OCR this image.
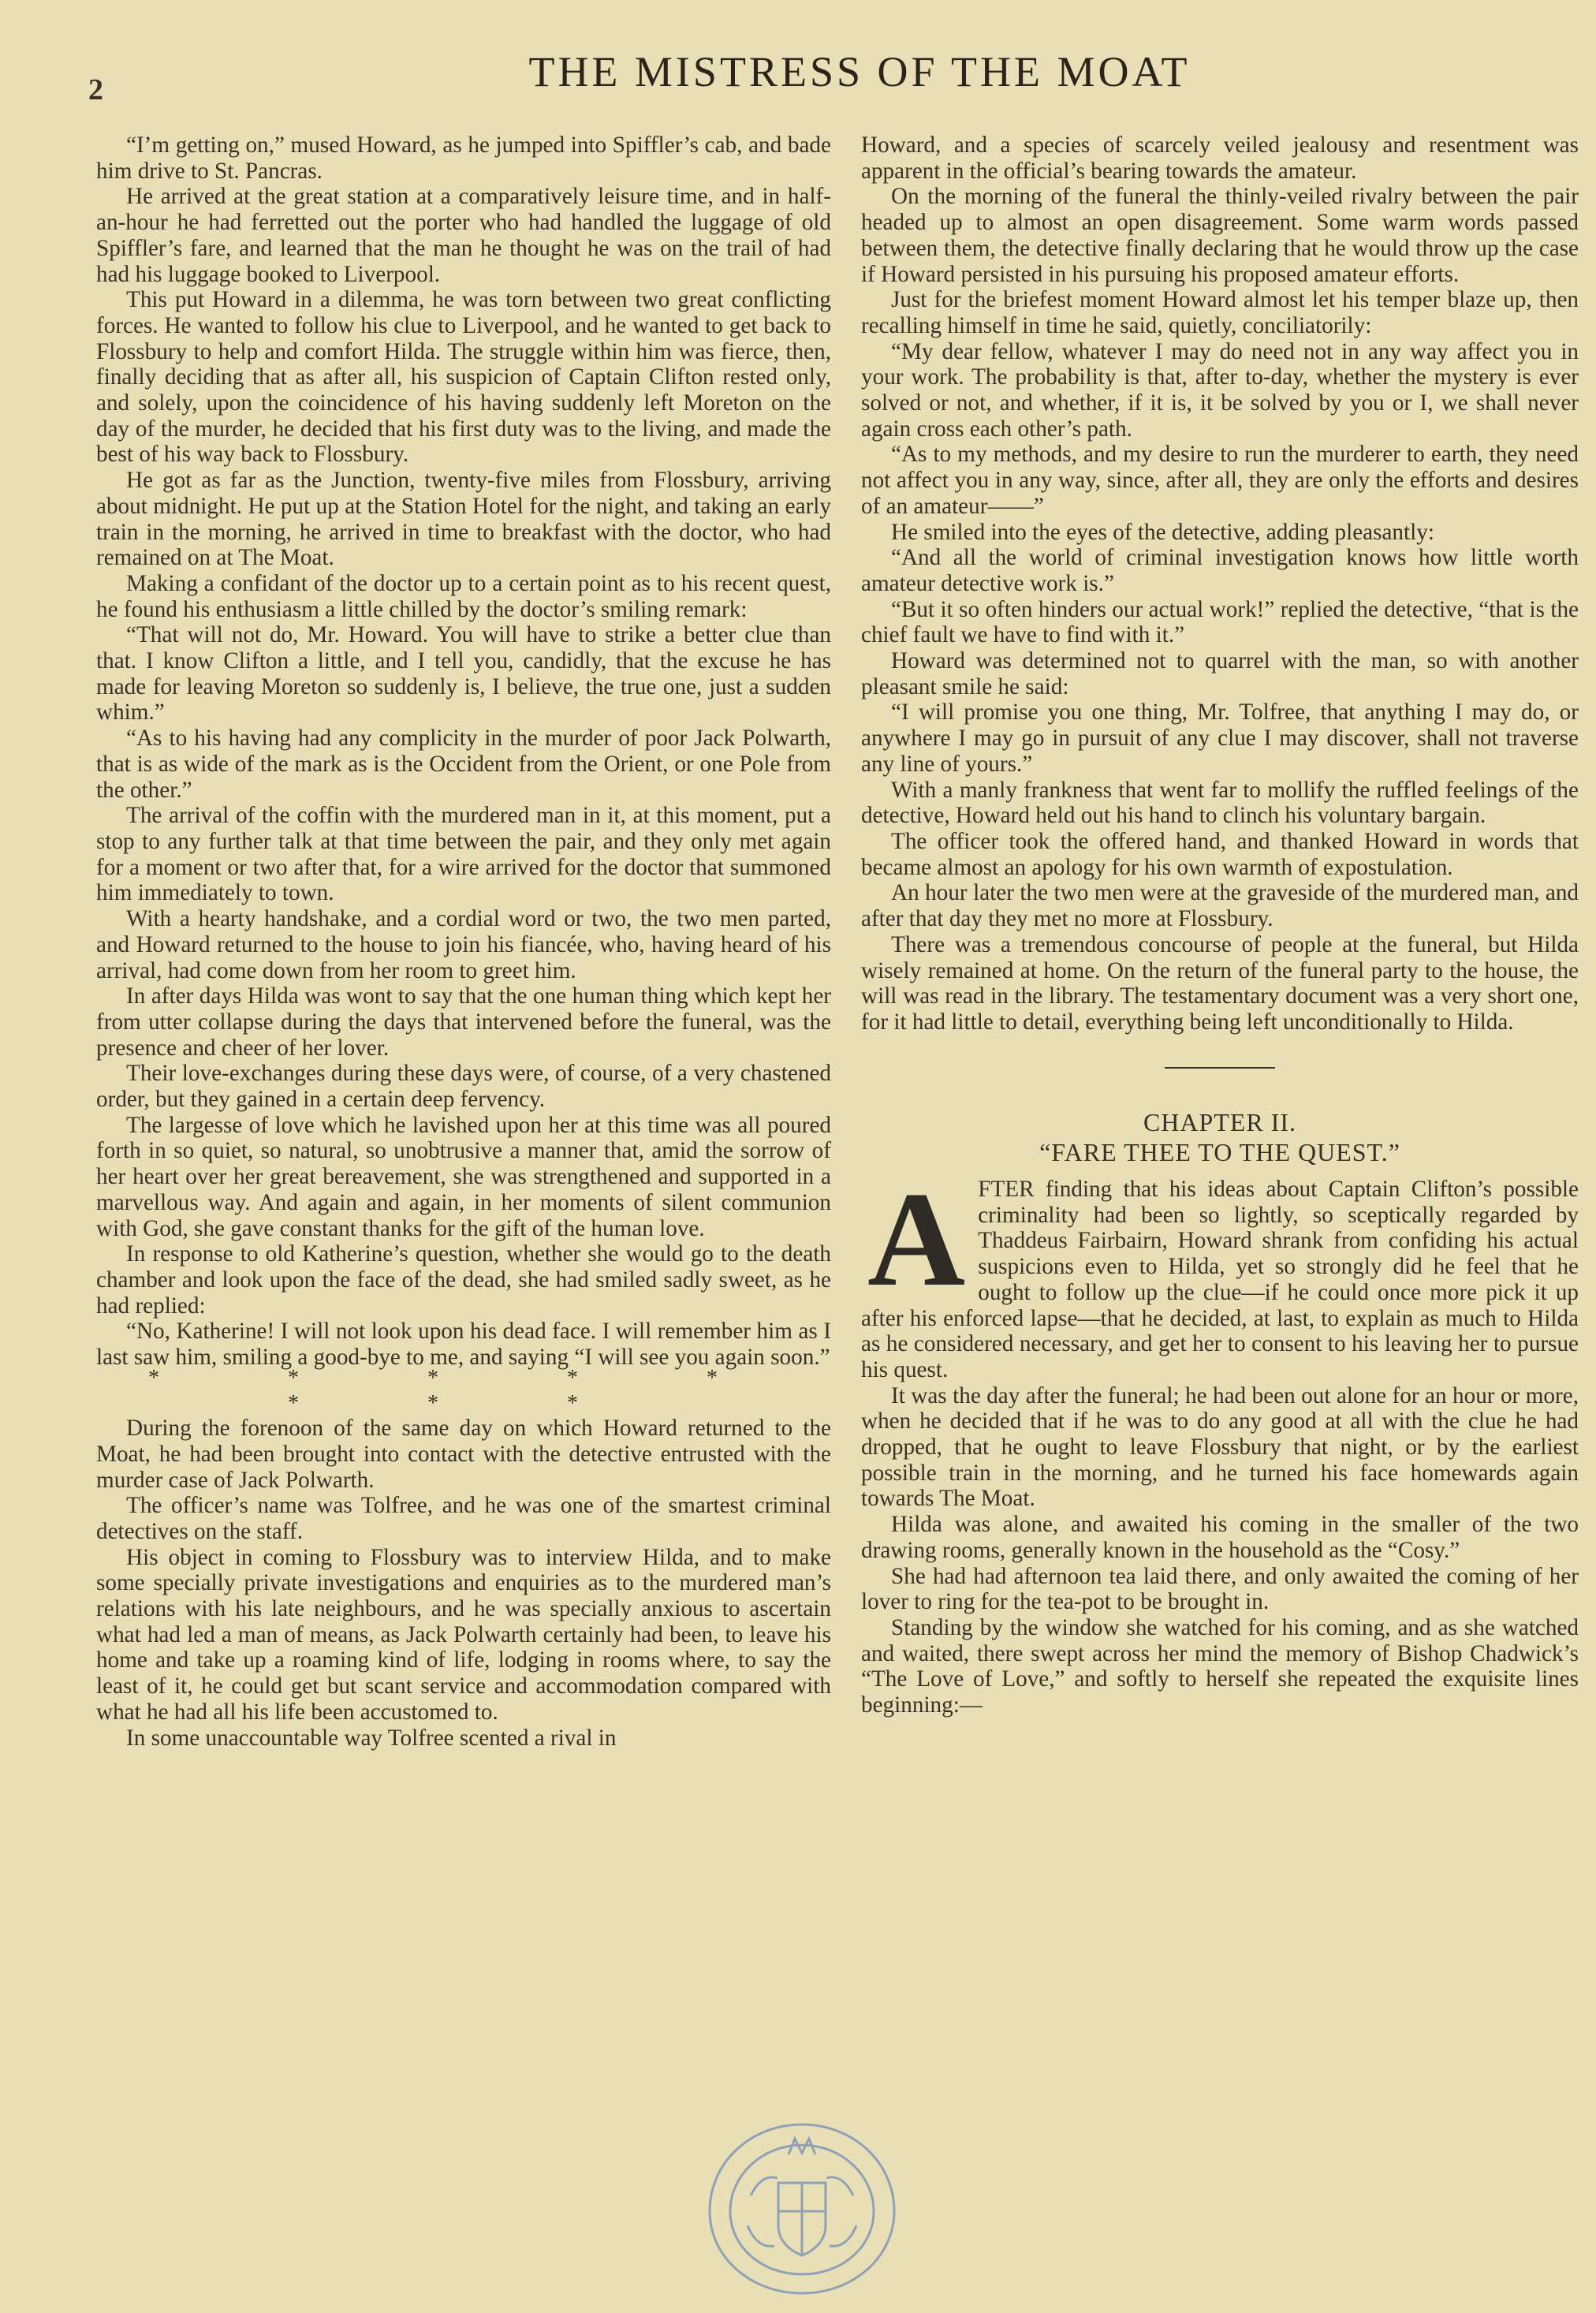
2	THE MISTRESS OF THE MOAT

“I’m getting on,” mused Howard, as he jumped into Spiffler’s cab, and bade him drive to St. Pancras.

He arrived at the great station at a comparatively leisure time, and in half-an-hour he had ferretted out the porter who had handled the luggage of old Spiffler’s fare, and learned that the man he thought he was on the trail of had had his luggage booked to Liverpool.

This put Howard in a dilemma, he was torn between two great conflicting forces. He wanted to follow his clue to Liverpool, and he wanted to get back to Flossbury to help and comfort Hilda. The struggle within him was fierce, then, finally deciding that as after all, his suspicion of Captain Clifton rested only, and solely, upon the coincidence of his having suddenly left Moreton on the day of the murder, he decided that his first duty was to the living, and made the best of his way back to Flossbury.

He got as far as the Junction, twenty-five miles from Flossbury, arriving about midnight. He put up at the Station Hotel for the night, and taking an early train in the morning, he arrived in time to breakfast with the doctor, who had remained on at The Moat.

Making a confidant of the doctor up to a certain point as to his recent quest, he found his enthusiasm a little chilled by the doctor’s smiling remark:

“That will not do, Mr. Howard. You will have to strike a better clue than that. I know Clifton a little, and I tell you, candidly, that the excuse he has made for leaving Moreton so suddenly is, I believe, the true one, just a sudden whim.”

“As to his having had any complicity in the murder of poor Jack Polwarth, that is as wide of the mark as is the Occident from the Orient, or one Pole from the other.”

The arrival of the coffin with the murdered man in it, at this moment, put a stop to any further talk at that time between the pair, and they only met again for a moment or two after that, for a wire arrived for the doctor that summoned him immediately to town.

With a hearty handshake, and a cordial word or two, the two men parted, and Howard returned to the house to join his fiancée, who, having heard of his arrival, had come down from her room to greet him.

In after days Hilda was wont to say that the one human thing which kept her from utter collapse during the days that intervened before the funeral, was the presence and cheer of her lover.

Their love-exchanges during these days were, of course, of a very chastened order, but they gained in a certain deep fervency.

The largesse of love which he lavished upon her at this time was all poured forth in so quiet, so natural, so unobtrusive a manner that, amid the sorrow of her heart over her great bereavement, she was strengthened and supported in a marvellous way. And again and again, in her moments of silent communion with God, she gave constant thanks for the gift of the human love.

In response to old Katherine’s question, whether she would go to the death chamber and look upon the face of the dead, she had smiled sadly sweet, as he had replied:

“No, Katherine! I will not look upon his dead face. I will remember him as I last saw him, smiling a good-bye to me, and saying “I will see you again soon.”

* * * * * * * *

During the forenoon of the same day on which Howard returned to the Moat, he had been brought into contact with the detective entrusted with the murder case of Jack Polwarth.

The officer’s name was Tolfree, and he was one of the smartest criminal detectives on the staff.

His object in coming to Flossbury was to interview Hilda, and to make some specially private investigations and enquiries as to the murdered man’s relations with his late neighbours, and he was specially anxious to ascertain what had led a man of means, as Jack Polwarth certainly had been, to leave his home and take up a roaming kind of life, lodging in rooms where, to say the least of it, he could get but scant service and accommodation compared with what he had all his life been accustomed to.

In some unaccountable way Tolfree scented a rival in

Howard, and a species of scarcely veiled jealousy and resentment was apparent in the official’s bearing towards the amateur.

On the morning of the funeral the thinly-veiled rivalry between the pair headed up to almost an open disagreement. Some warm words passed between them, the detective finally declaring that he would throw up the case if Howard persisted in his pursuing his proposed amateur efforts.

Just for the briefest moment Howard almost let his temper blaze up, then recalling himself in time he said, quietly, conciliatorily:

“My dear fellow, whatever I may do need not in any way affect you in your work. The probability is that, after to-day, whether the mystery is ever solved or not, and whether, if it is, it be solved by you or I, we shall never again cross each other’s path.

“As to my methods, and my desire to run the murderer to earth, they need not affect you in any way, since, after all, they are only the efforts and desires of an amateur——”

He smiled into the eyes of the detective, adding pleasantly:

“And all the world of criminal investigation knows how little worth amateur detective work is.”

“But it so often hinders our actual work!” replied the detective, “that is the chief fault we have to find with it.”

Howard was determined not to quarrel with the man, so with another pleasant smile he said:

“I will promise you one thing, Mr. Tolfree, that anything I may do, or anywhere I may go in pursuit of any clue I may discover, shall not traverse any line of yours.”

With a manly frankness that went far to mollify the ruffled feelings of the detective, Howard held out his hand to clinch his voluntary bargain.

The officer took the offered hand, and thanked Howard in words that became almost an apology for his own warmth of expostulation.

An hour later the two men were at the graveside of the murdered man, and after that day they met no more at Flossbury.

There was a tremendous concourse of people at the funeral, but Hilda wisely remained at home. On the return of the funeral party to the house, the will was read in the library. The testamentary document was a very short one, for it had little to detail, everything being left unconditionally to Hilda.

CHAPTER II.
“FARE THEE TO THE QUEST.”

AFTER finding that his ideas about Captain Clifton’s possible criminality had been so lightly, so sceptically regarded by Thaddeus Fairbairn, Howard shrank from confiding his actual suspicions even to Hilda, yet so strongly did he feel that he ought to follow up the clue—if he could once more pick it up after his enforced lapse—that he decided, at last, to explain as much to Hilda as he considered necessary, and get her to consent to his leaving her to pursue his quest.

It was the day after the funeral; he had been out alone for an hour or more, when he decided that if he was to do any good at all with the clue he had dropped, that he ought to leave Flossbury that night, or by the earliest possible train in the morning, and he turned his face homewards again towards The Moat.

Hilda was alone, and awaited his coming in the smaller of the two drawing rooms, generally known in the household as the “Cosy.”

She had had afternoon tea laid there, and only awaited the coming of her lover to ring for the tea-pot to be brought in.

Standing by the window she watched for his coming, and as she watched and waited, there swept across her mind the memory of Bishop Chadwick’s “The Love of Love,” and softly to herself she repeated the exquisite lines beginning:—
